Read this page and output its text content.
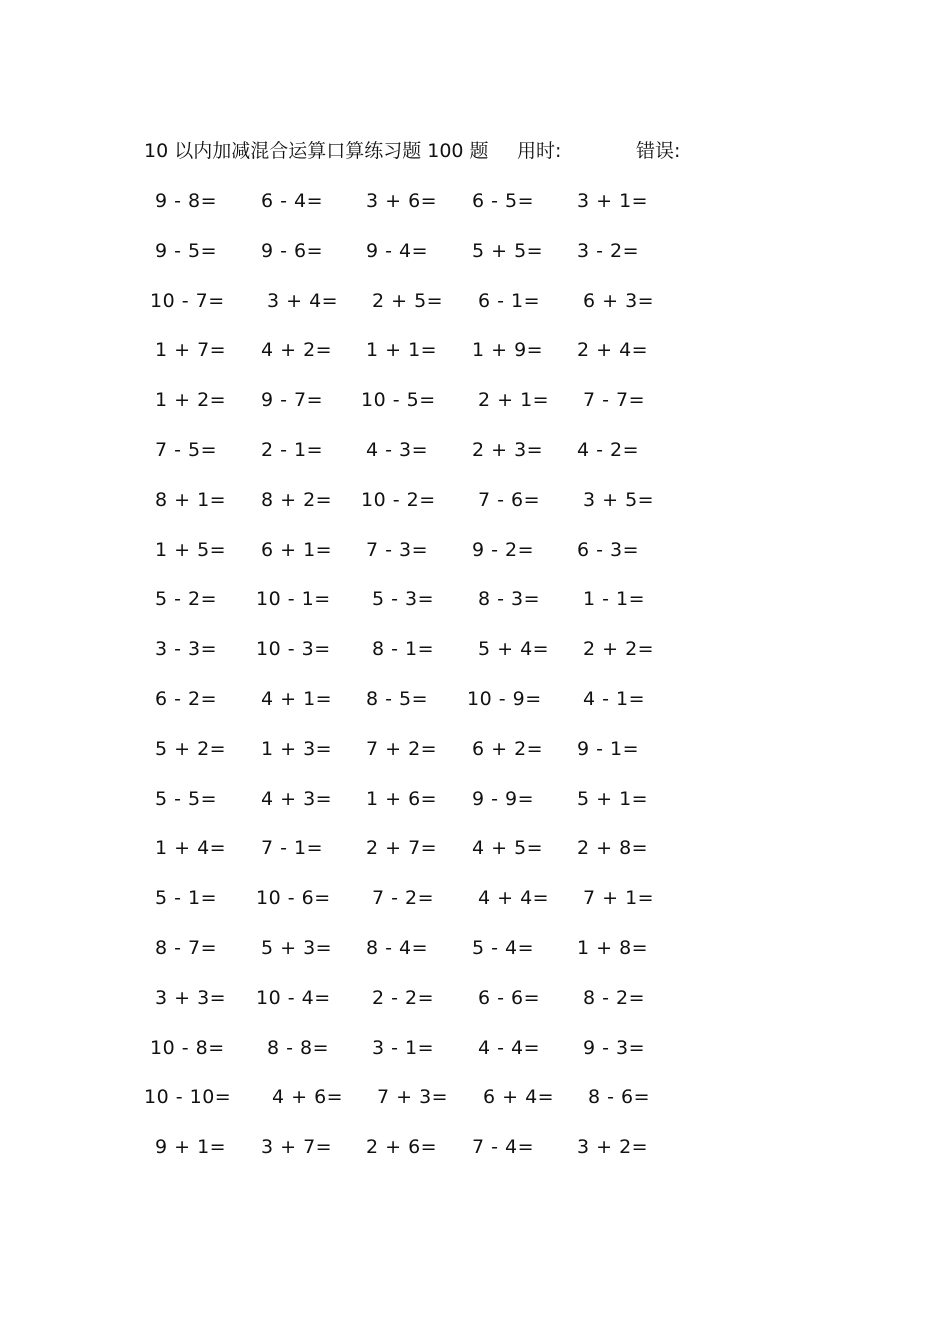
10 以内加减混合运算口算练习题 100 题 用时:	错误:
9 - 8= 6 - 4= 3 + 6= 6 - 5= 3 + 1=
9 - 5= 9 - 6= 9 - 4= 5 + 5= 3 - 2=
10 - 7= 3 + 4= 2 + 5= 6 - 1= 6 + 3=
1 + 7= 4 + 2= 1 + 1= 1 + 9= 2 + 4=
1 + 2= 9 - 7= 10 - 5= 2 + 1= 7 - 7=
7 - 5= 2 - 1= 4 - 3= 2 + 3= 4 - 2=
8 + 1= 8 + 2= 10 - 2= 7 - 6= 3 + 5=
1 + 5= 6 + 1= 7 - 3= 9 - 2= 6 - 3=
5 - 2= 10 - 1= 5 - 3= 8 - 3= 1 - 1=
3 - 3= 10 - 3= 8 - 1= 5 + 4= 2 + 2=
6 - 2= 4 + 1= 8 - 5= 10 - 9= 4 - 1=
5 + 2= 1 + 3= 7 + 2= 6 + 2= 9 - 1=
5 - 5= 4 + 3= 1 + 6= 9 - 9= 5 + 1=
1 + 4= 7 - 1= 2 + 7= 4 + 5= 2 + 8=
5 - 1= 10 - 6= 7 - 2= 4 + 4= 7 + 1=
8 - 7= 5 + 3= 8 - 4= 5 - 4= 1 + 8=
3 + 3= 10 - 4= 2 - 2= 6 - 6= 8 - 2=
10 - 8= 8 - 8= 3 - 1= 4 - 4= 9 - 3=
10 - 10= 4 + 6= 7 + 3= 6 + 4= 8 - 6=
9 + 1= 3 + 7= 2 + 6= 7 - 4= 3 + 2=
